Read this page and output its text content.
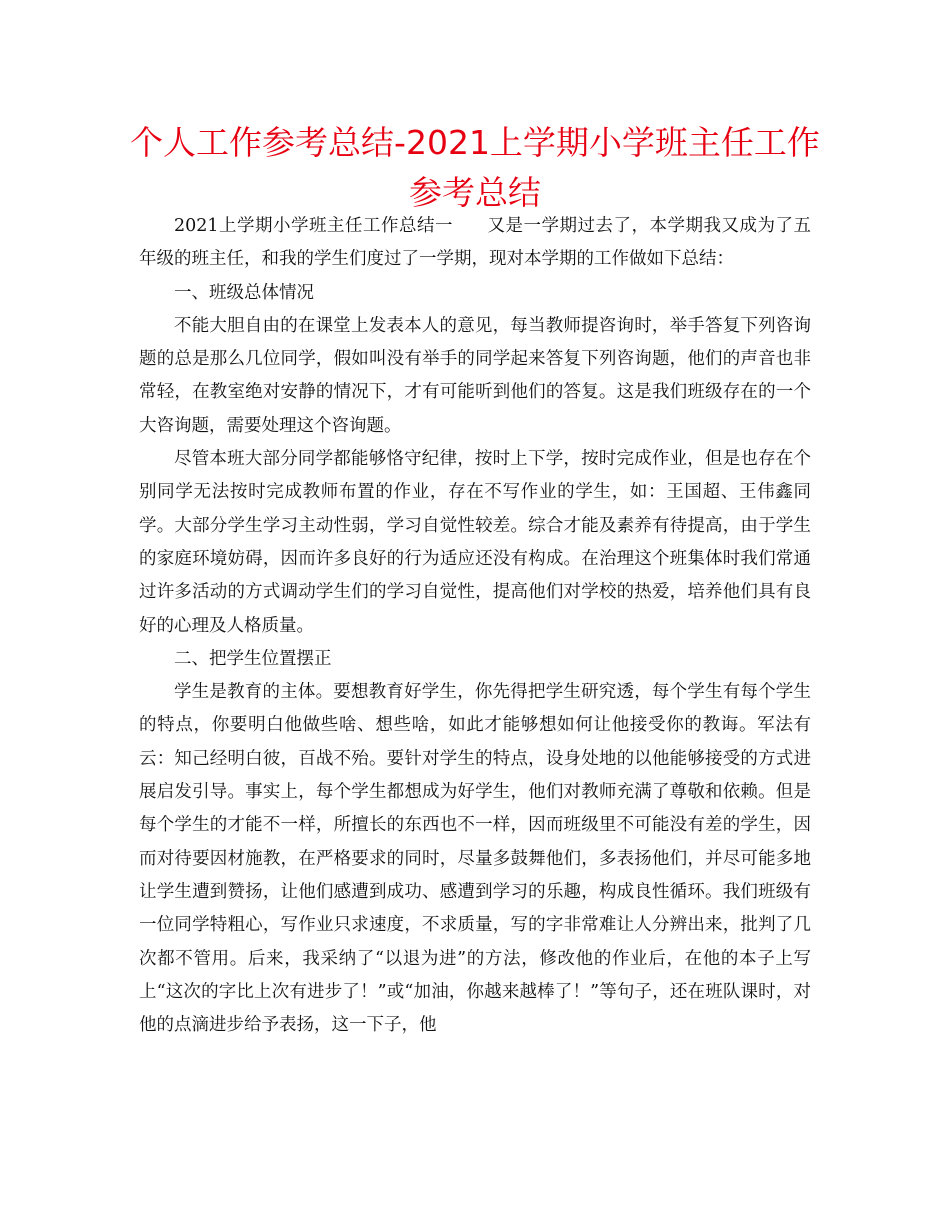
个人工作参考总结-2021上学期小学班主任工作参考总结

2021上学期小学班主任工作总结一 又是一学期过去了，本学期我又成为了五年级的班主任，和我的学生们度过了一学期，现对本学期的工作做如下总结：

一、班级总体情况

不能大胆自由的在课堂上发表本人的意见，每当教师提咨询时，举手答复下列咨询题的总是那么几位同学，假如叫没有举手的同学起来答复下列咨询题，他们的声音也非常轻，在教室绝对安静的情况下，才有可能听到他们的答复。这是我们班级存在的一个大咨询题，需要处理这个咨询题。

尽管本班大部分同学都能够恪守纪律，按时上下学，按时完成作业，但是也存在个别同学无法按时完成教师布置的作业，存在不写作业的学生，如：王国超、王伟鑫同学。大部分学生学习主动性弱，学习自觉性较差。综合才能及素养有待提高，由于学生的家庭环境妨碍，因而许多良好的行为适应还没有构成。在治理这个班集体时我们常通过许多活动的方式调动学生们的学习自觉性，提高他们对学校的热爱，培养他们具有良好的心理及人格质量。

二、把学生位置摆正

学生是教育的主体。要想教育好学生，你先得把学生研究透，每个学生有每个学生的特点，你要明白他做些啥、想些啥，如此才能够想如何让他接受你的教诲。军法有云：知己经明白彼，百战不殆。要针对学生的特点，设身处地的以他能够接受的方式进展启发引导。事实上，每个学生都想成为好学生，他们对教师充满了尊敬和依赖。但是每个学生的才能不一样，所擅长的东西也不一样，因而班级里不可能没有差的学生，因而对待要因材施教，在严格要求的同时，尽量多鼓舞他们，多表扬他们，并尽可能多地让学生遭到赞扬，让他们感遭到成功、感遭到学习的乐趣，构成良性循环。我们班级有一位同学特粗心，写作业只求速度，不求质量，写的字非常难让人分辨出来，批判了几次都不管用。后来，我采纳了“以退为进”的方法，修改他的作业后，在他的本子上写上“这次的字比上次有进步了！”或“加油，你越来越棒了！”等句子，还在班队课时，对他的点滴进步给予表扬，这一下子，他
